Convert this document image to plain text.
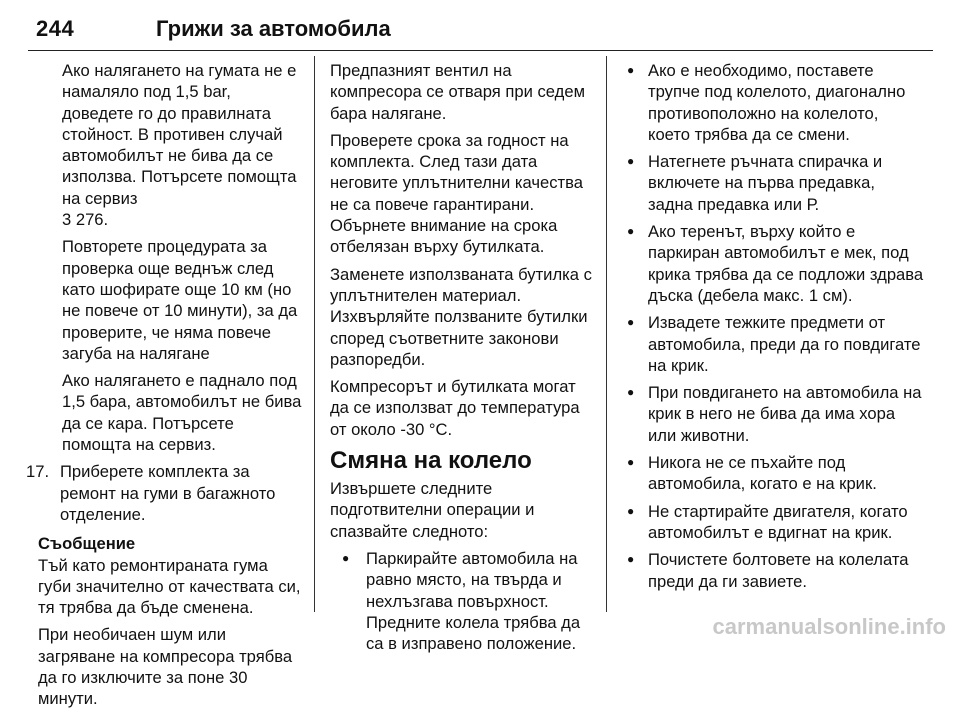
244	Грижи за автомобила

Ако налягането на гумата не е намаляло под 1,5 bar, доведете го до правилната стойност. В противен случай автомобилът не бива да се използва. Потърсете помощта на сервиз
3 276.

Повторете процедурата за проверка още веднъж след като шофирате още 10 км (но не повече от 10 минути), за да проверите, че няма повече загуба на налягане

Ако налягането е паднало под 1,5 бара, автомобилът не бива да се кара. Потърсете помощта на сервиз.

17. Приберете комплекта за ремонт на гуми в багажното отделение.

Съобщение

Тъй като ремонтираната гума губи значително от качествата си, тя трябва да бъде сменена.

При необичаен шум или загряване на компресора трябва да го изключите за поне 30 минути.

Предпазният вентил на компресора се отваря при седем бара налягане.

Проверете срока за годност на комплекта. След тази дата неговите уплътнителни качества не са повече гарантирани. Обърнете внимание на срока отбелязан върху бутилката.

Заменете използваната бутилка с уплътнителен материал. Изхвърляйте ползваните бутилки според съответните законови разпоредби.

Компресорът и бутилката могат да се използват до температура от около -30 °C.

Смяна на колело

Извършете следните подготвителни операции и спазвайте следното:

● Паркирайте автомобила на равно място, на твърда и нехлъзгава повърхност. Предните колела трябва да са в изправено положение.
● Ако е необходимо, поставете трупче под колелото, диагонално противоположно на колелото, което трябва да се смени.
● Натегнете ръчната спирачка и включете на първа предавка, задна предавка или Р.
● Ако теренът, върху който е паркиран автомобилът е мек, под крика трябва да се подложи здрава дъска (дебела макс. 1 см).
● Извадете тежките предмети от автомобила, преди да го повдигате на крик.
● При повдигането на автомобила на крик в него не бива да има хора или животни.
● Никога не се пъхайте под автомобила, когато е на крик.
● Не стартирайте двигателя, когато автомобилът е вдигнат на крик.
● Почистете болтовете на колелата преди да ги завиете.
carmanualsonline.info
